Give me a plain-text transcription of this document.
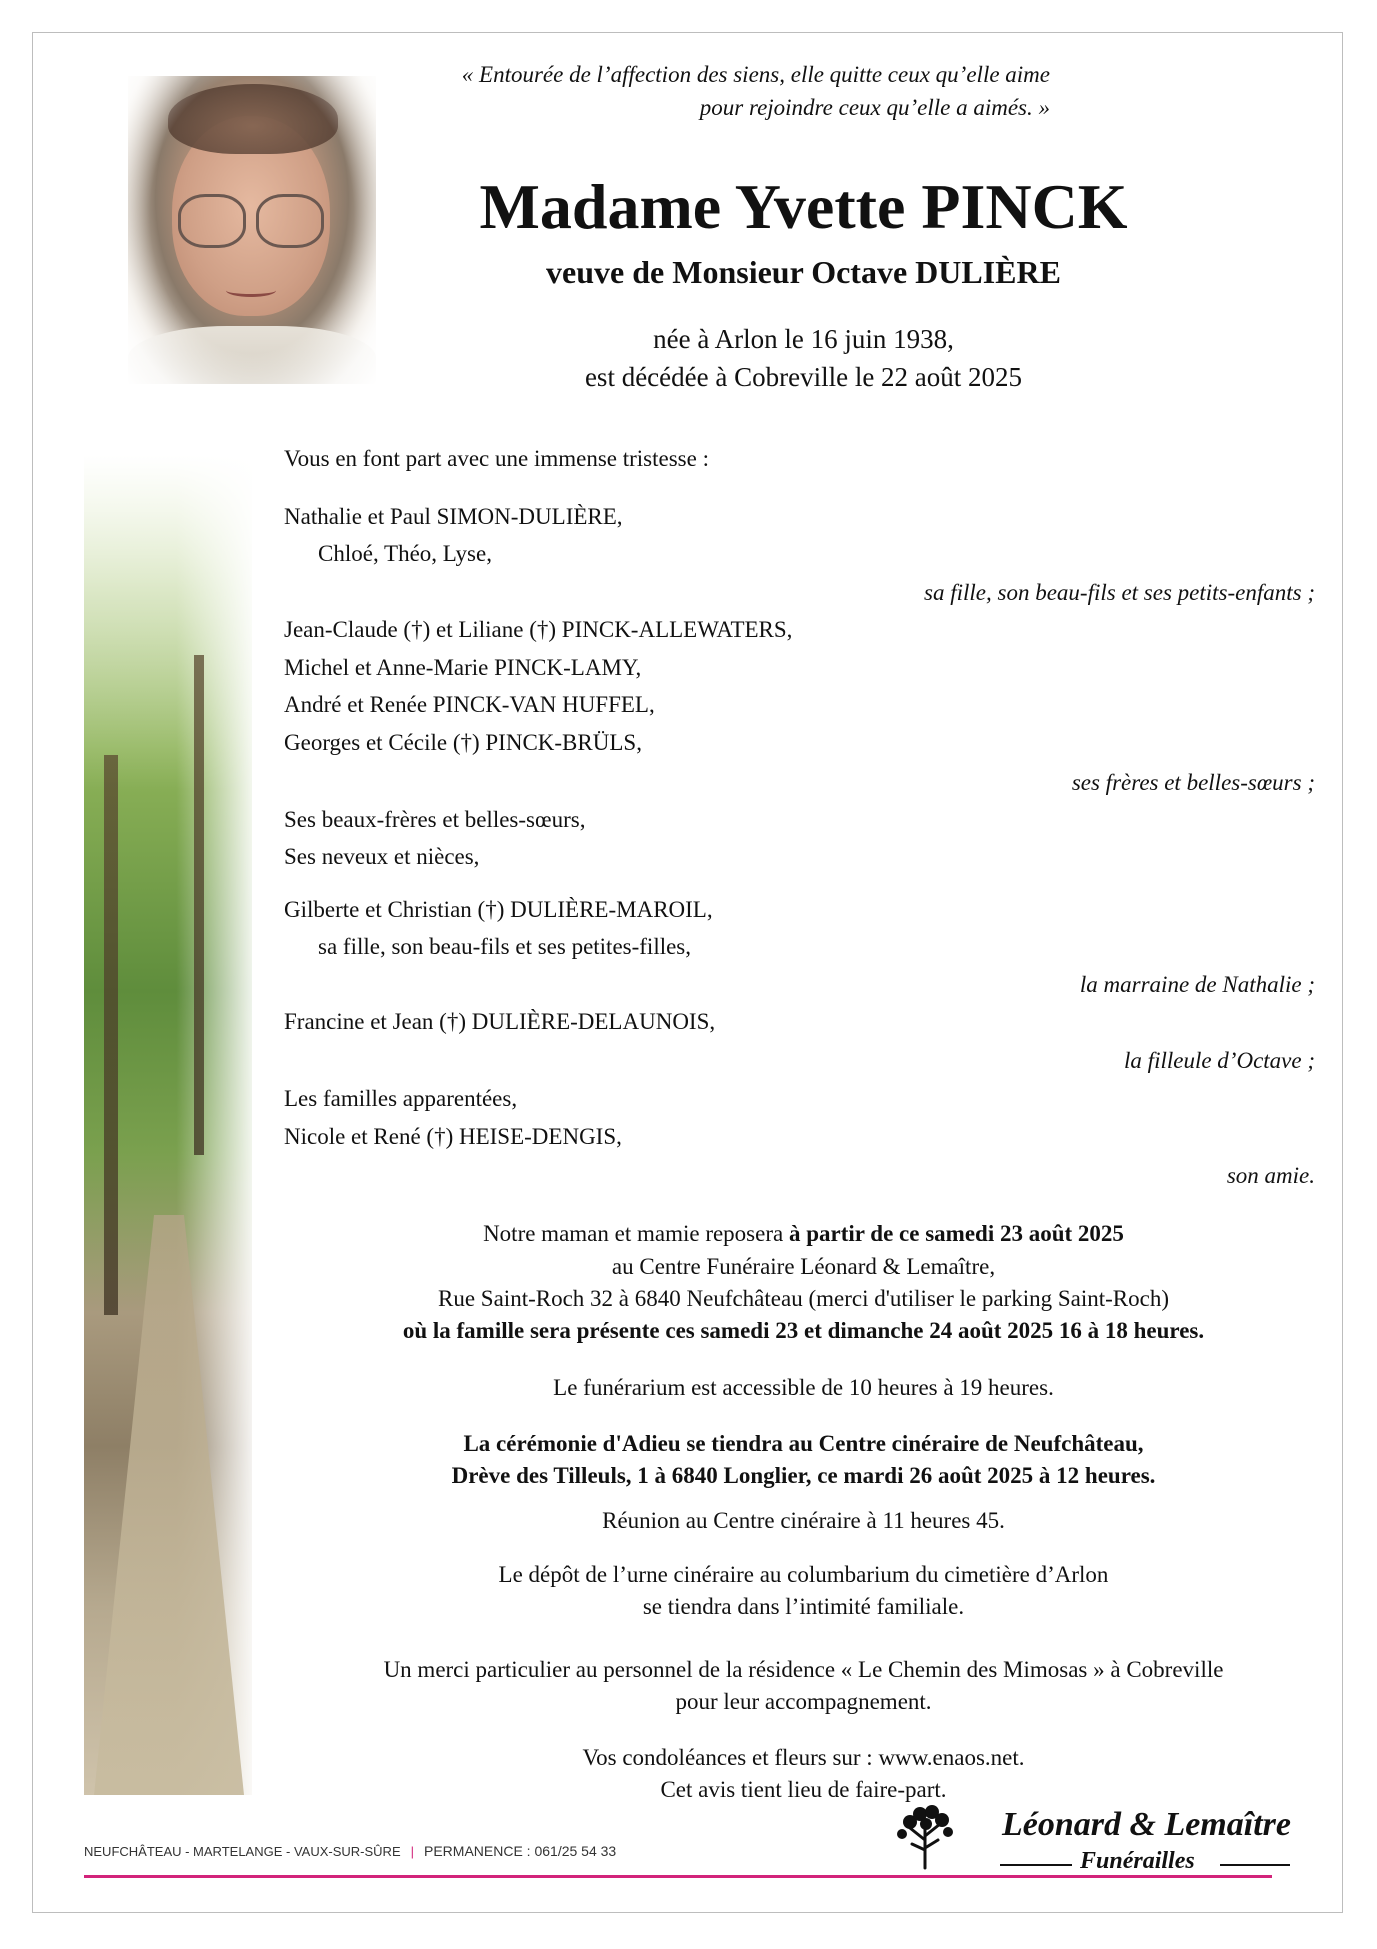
« Entourée de l’affection des siens, elle quitte ceux qu’elle aime
pour rejoindre ceux qu’elle a aimés. »
Madame Yvette PINCK
veuve de Monsieur Octave DULIÈRE
née à Arlon le 16 juin 1938,
est décédée à Cobreville le 22 août 2025
Vous en font part avec une immense tristesse :
Nathalie et Paul SIMON-DULIÈRE,
Chloé, Théo, Lyse,
sa fille, son beau-fils et ses petits-enfants ;
Jean-Claude (†) et Liliane (†) PINCK-ALLEWATERS,
Michel et Anne-Marie PINCK-LAMY,
André et Renée PINCK-VAN HUFFEL,
Georges et Cécile (†) PINCK-BRÜLS,
ses frères et belles-sœurs ;
Ses beaux-frères et belles-sœurs,
Ses neveux et nièces,
Gilberte et Christian (†) DULIÈRE-MAROIL,
sa fille, son beau-fils et ses petites-filles,
la marraine de Nathalie ;
Francine et Jean (†) DULIÈRE-DELAUNOIS,
la filleule d’Octave ;
Les familles apparentées,
Nicole et René (†) HEISE-DENGIS,
son amie.
Notre maman et mamie reposera à partir de ce samedi 23 août 2025
au Centre Funéraire Léonard & Lemaître,
Rue Saint-Roch 32 à 6840 Neufchâteau (merci d'utiliser le parking Saint-Roch)
où la famille sera présente ces samedi 23 et dimanche 24 août 2025 16 à 18 heures.
Le funérarium est accessible de 10 heures à 19 heures.
La cérémonie d'Adieu se tiendra au Centre cinéraire de Neufchâteau,
Drève des Tilleuls, 1 à 6840 Longlier, ce mardi 26 août 2025 à 12 heures.
Réunion au Centre cinéraire à 11 heures 45.
Le dépôt de l’urne cinéraire au columbarium du cimetière d’Arlon
se tiendra dans l’intimité familiale.
Un merci particulier au personnel de la résidence « Le Chemin des Mimosas » à Cobreville
pour leur accompagnement.
Vos condoléances et fleurs sur : www.enaos.net.
Cet avis tient lieu de faire-part.
NEUFCHÂTEAU - MARTELANGE - VAUX-SUR-SÛRE | PERMANENCE : 061/25 54 33
Léonard & Lemaître
Funérailles
